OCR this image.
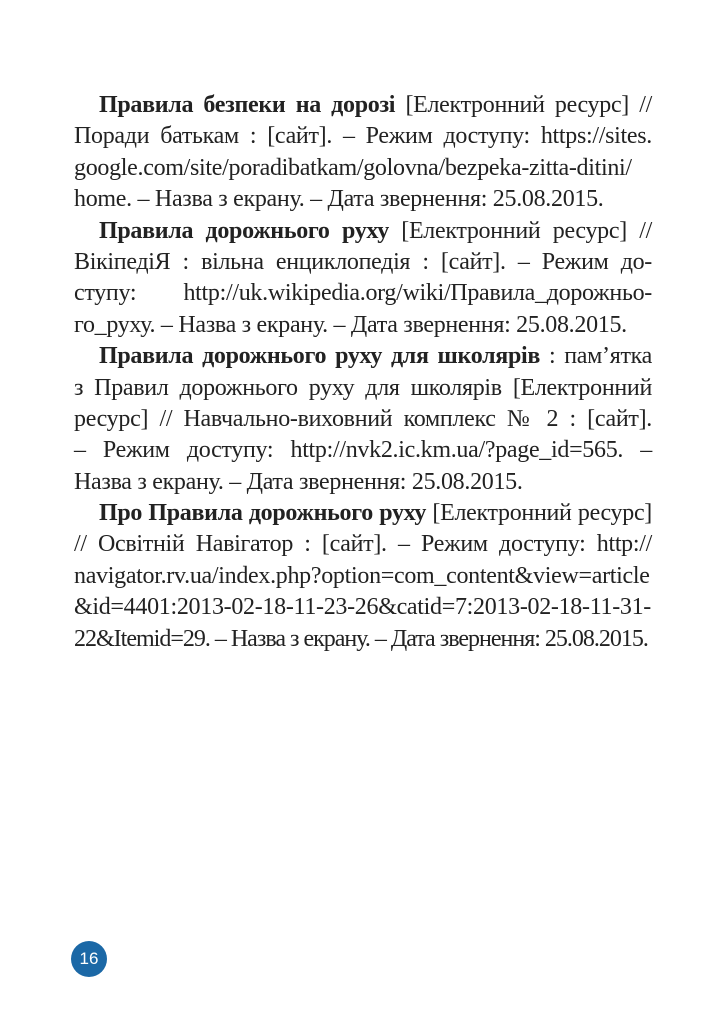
Правила безпеки на дорозі [Електронний ресурс] //
Поради батькам : [сайт]. – Режим доступу: https://sites.
google.com/site/poradibatkam/golovna/bezpeka-zitta-ditini/
home. – Назва з екрану. – Дата звернення: 25.08.2015.
Правила дорожнього руху [Електронний ресурс] //
ВікіпедіЯ : вільна енциклопедія : [сайт]. – Режим до-
ступу: http://uk.wikipedia.org/wiki/Правила_дорожньо-
го_руху. – Назва з екрану. – Дата звернення: 25.08.2015.
Правила дорожнього руху для школярів : пам’ятка
з Правил дорожнього руху для школярів [Електронний
ресурс] // Навчально-виховний комплекс № 2 : [сайт].
– Режим доступу: http://nvk2.ic.km.ua/?page_id=565. –
Назва з екрану. – Дата звернення: 25.08.2015.
Про Правила дорожнього руху [Електронний ресурс]
// Освітній Навігатор : [сайт]. – Режим доступу: http://
navigator.rv.ua/index.php?option=com_content&view=article
&id=4401:2013-02-18-11-23-26&catid=7:2013-02-18-11-31-
22&Itemid=29. – Назва з екрану. – Дата звернення: 25.08.2015.
16
